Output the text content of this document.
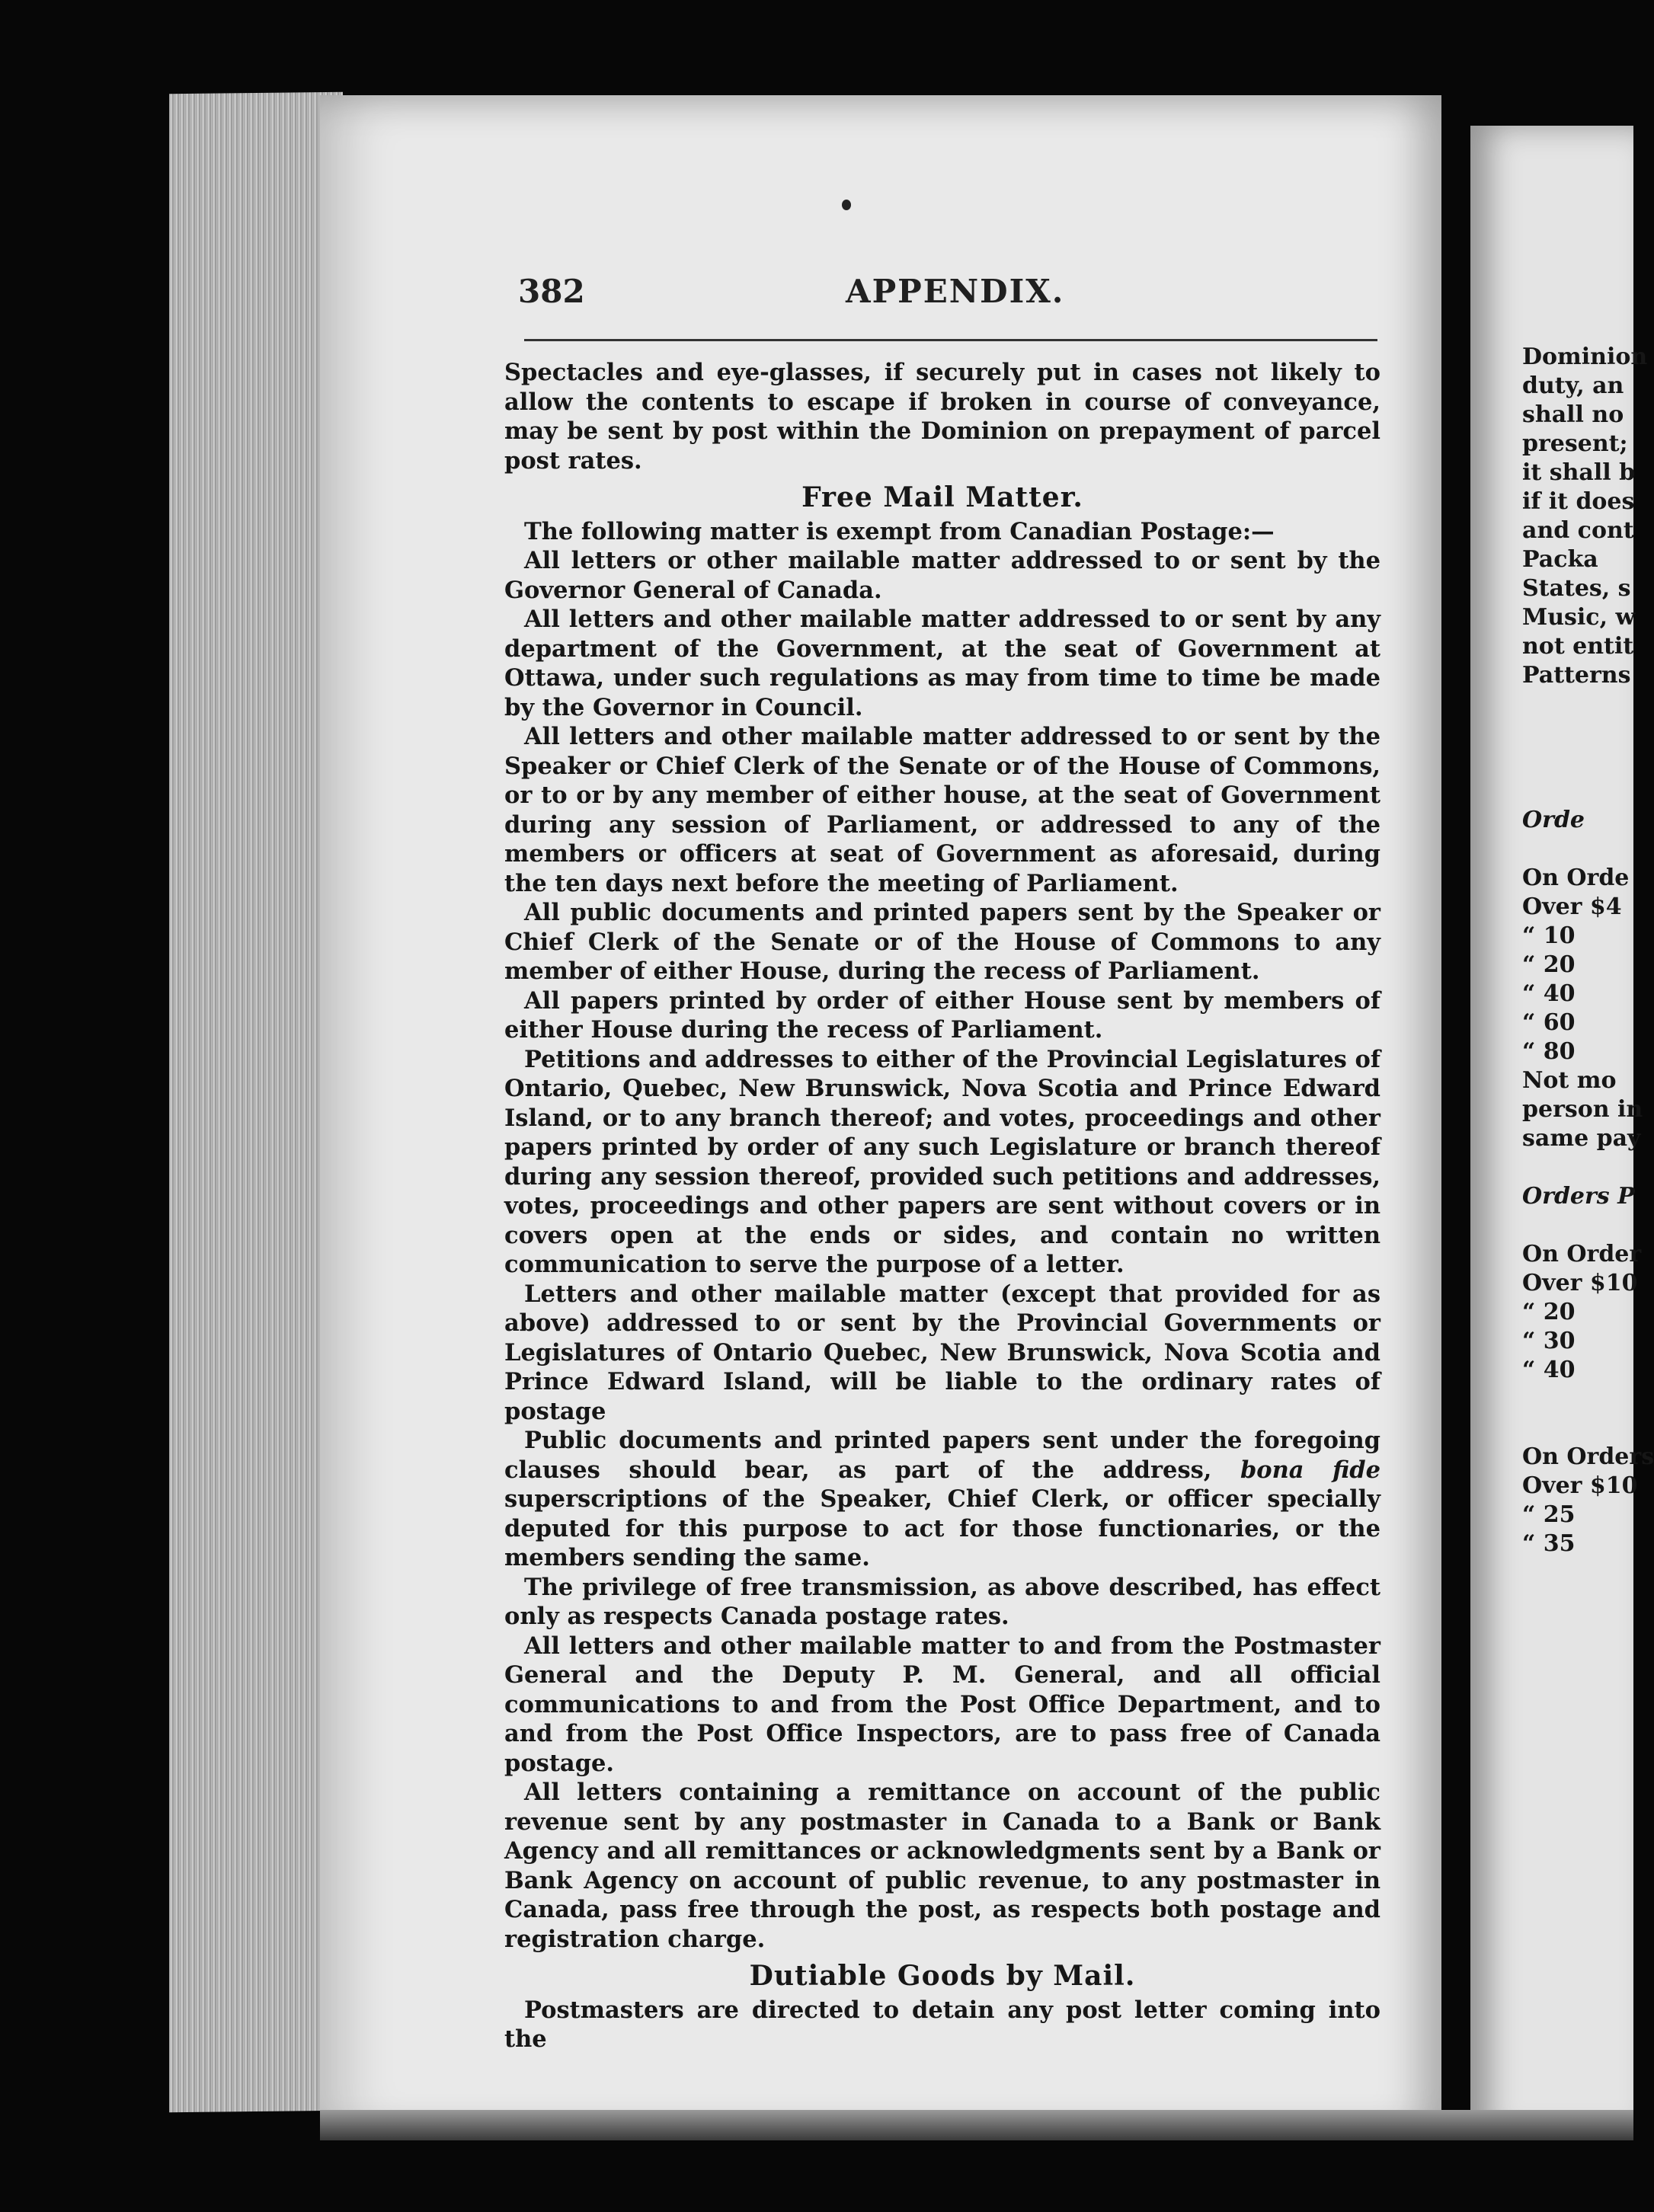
382	APPENDIX.

Spectacles and eye-glasses, if securely put in cases not likely to allow the contents to escape if broken in course of conveyance, may be sent by post within the Dominion on prepayment of parcel post rates.

Free Mail Matter.

The following matter is exempt from Canadian Postage:—

All letters or other mailable matter addressed to or sent by the Governor General of Canada.

All letters and other mailable matter addressed to or sent by any department of the Government, at the seat of Government at Ottawa, under such regulations as may from time to time be made by the Governor in Council.

All letters and other mailable matter addressed to or sent by the Speaker or Chief Clerk of the Senate or of the House of Commons, or to or by any member of either house, at the seat of Government during any session of Parliament, or addressed to any of the members or officers at seat of Government as aforesaid, during the ten days next before the meeting of Parliament.

All public documents and printed papers sent by the Speaker or Chief Clerk of the Senate or of the House of Commons to any member of either House, during the recess of Parliament.

All papers printed by order of either House sent by members of either House during the recess of Parliament.

Petitions and addresses to either of the Provincial Legislatures of Ontario, Quebec, New Brunswick, Nova Scotia and Prince Edward Island, or to any branch thereof; and votes, proceedings and other papers printed by order of any such Legislature or branch thereof during any session thereof, provided such petitions and addresses, votes, proceedings and other papers are sent without covers or in covers open at the ends or sides, and contain no written communication to serve the purpose of a letter.

Letters and other mailable matter (except that provided for as above) addressed to or sent by the Provincial Governments or Legislatures of Ontario Quebec, New Brunswick, Nova Scotia and Prince Edward Island, will be liable to the ordinary rates of postage

Public documents and printed papers sent under the foregoing clauses should bear, as part of the address, bona fide superscriptions of the Speaker, Chief Clerk, or officer specially deputed for this purpose to act for those functionaries, or the members sending the same.

The privilege of free transmission, as above described, has effect only as respects Canada postage rates.

All letters and other mailable matter to and from the Postmaster General and the Deputy P. M. General, and all official communications to and from the Post Office Department, and to and from the Post Office Inspectors, are to pass free of Canada postage.

All letters containing a remittance on account of the public revenue sent by any postmaster in Canada to a Bank or Bank Agency and all remittances or acknowledgments sent by a Bank or Bank Agency on account of public revenue, to any postmaster in Canada, pass free through the post, as respects both postage and registration charge.

Dutiable Goods by Mail.

Postmasters are directed to detain any post letter coming into the

Dominion
duty, an
shall no
present;
it shall b
if it does
and cont
Packa
States, s
Music, w
not entit
Patterns
Orde
On Orde
Over $4
“ 10
“ 20
“ 40
“ 60
“ 80
Not mo
person in
same pay
Orders P
On Order
Over $10
“ 20
“ 30
“ 40
On Orders
Over $10
“ 25
“ 35
